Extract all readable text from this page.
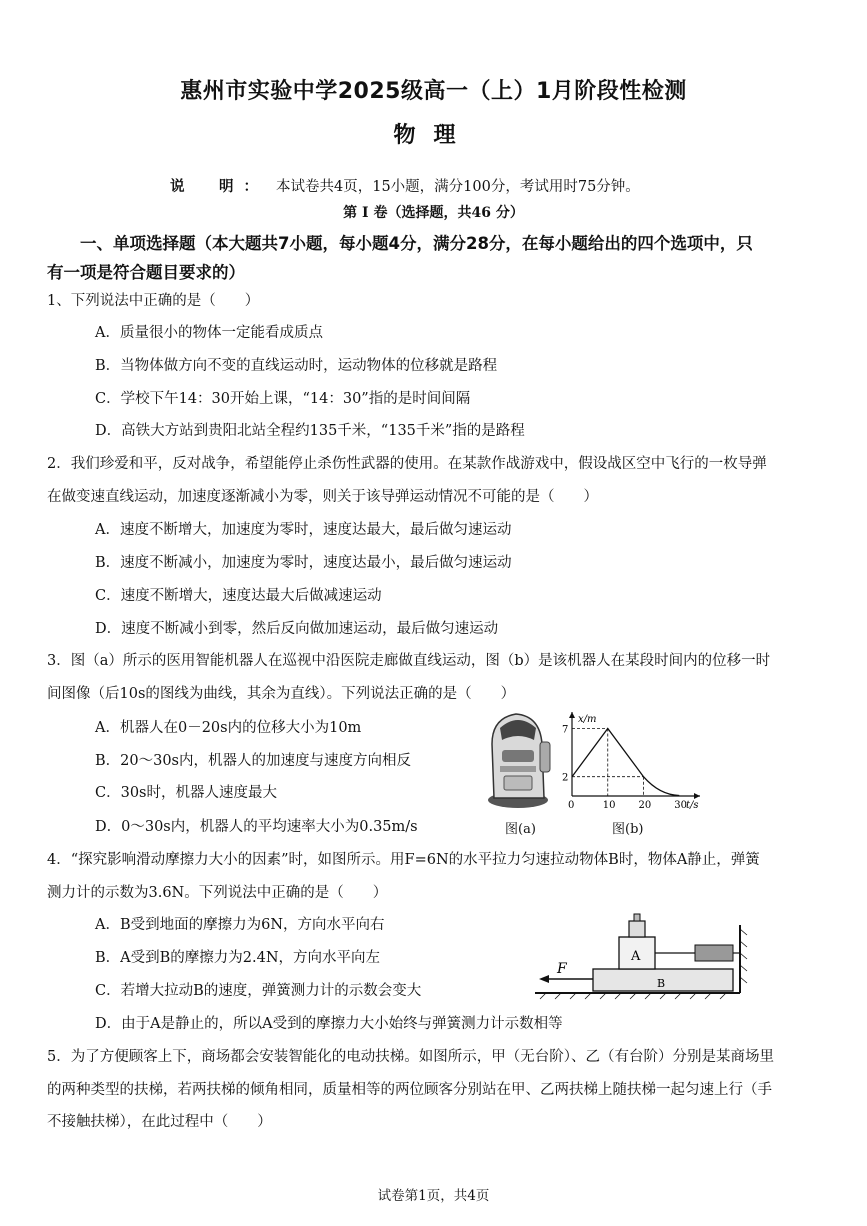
惠州市实验中学2025级高一（上）1月阶段性检测
物理
说　明： 本试卷共4页，15小题，满分100分，考试用时75分钟。
第 I 卷（选择题，共46 分）
一、单项选择题（本大题共7小题，每小题4分，满分28分，在每小题给出的四个选项中，只
有一项是符合题目要求的）
1、下列说法中正确的是（　　）
A．质量很小的物体一定能看成质点
B．当物体做方向不变的直线运动时，运动物体的位移就是路程
C．学校下午14：30开始上课，“14：30”指的是时间间隔
D．高铁大方站到贵阳北站全程约135千米，“135千米”指的是路程
2．我们珍爱和平，反对战争，希望能停止杀伤性武器的使用。在某款作战游戏中，假设战区空中飞行的一枚导弹
在做变速直线运动，加速度逐渐减小为零，则关于该导弹运动情况不可能的是（　　）
A．速度不断增大，加速度为零时，速度达最大，最后做匀速运动
B．速度不断减小，加速度为零时，速度达最小，最后做匀速运动
C．速度不断增大，速度达最大后做减速运动
D．速度不断减小到零，然后反向做加速运动，最后做匀速运动
3．图（a）所示的医用智能机器人在巡视中沿医院走廊做直线运动，图（b）是该机器人在某段时间内的位移一时
间图像（后10s的图线为曲线，其余为直线）。下列说法正确的是（　　）
A．机器人在0－20s内的位移大小为10m
B．20～30s内，机器人的加速度与速度方向相反
C．30s时，机器人速度最大
D．0～30s内，机器人的平均速率大小为0.35m/s	图(a)
0	10 20 30
2
7
x/m
t/s
图(b)
4．“探究影响滑动摩擦力大小的因素”时，如图所示。用F=6N的水平拉力匀速拉动物体B时，物体A静止，弹簧
测力计的示数为3.6N。下列说法中正确的是（　　）
A．B受到地面的摩擦力为6N，方向水平向右
B．A受到B的摩擦力为2.4N，方向水平向左
C．若增大拉动B的速度，弹簧测力计的示数会变大
D．由于A是静止的，所以A受到的摩擦力大小始终与弹簧测力计示数相等
B
A
F
5．为了方便顾客上下，商场都会安装智能化的电动扶梯。如图所示，甲（无台阶）、乙（有台阶）分别是某商场里
的两种类型的扶梯，若两扶梯的倾角相同，质量相等的两位顾客分别站在甲、乙两扶梯上随扶梯一起匀速上行（手
不接触扶梯），在此过程中（　　）
试卷第1页，共4页
